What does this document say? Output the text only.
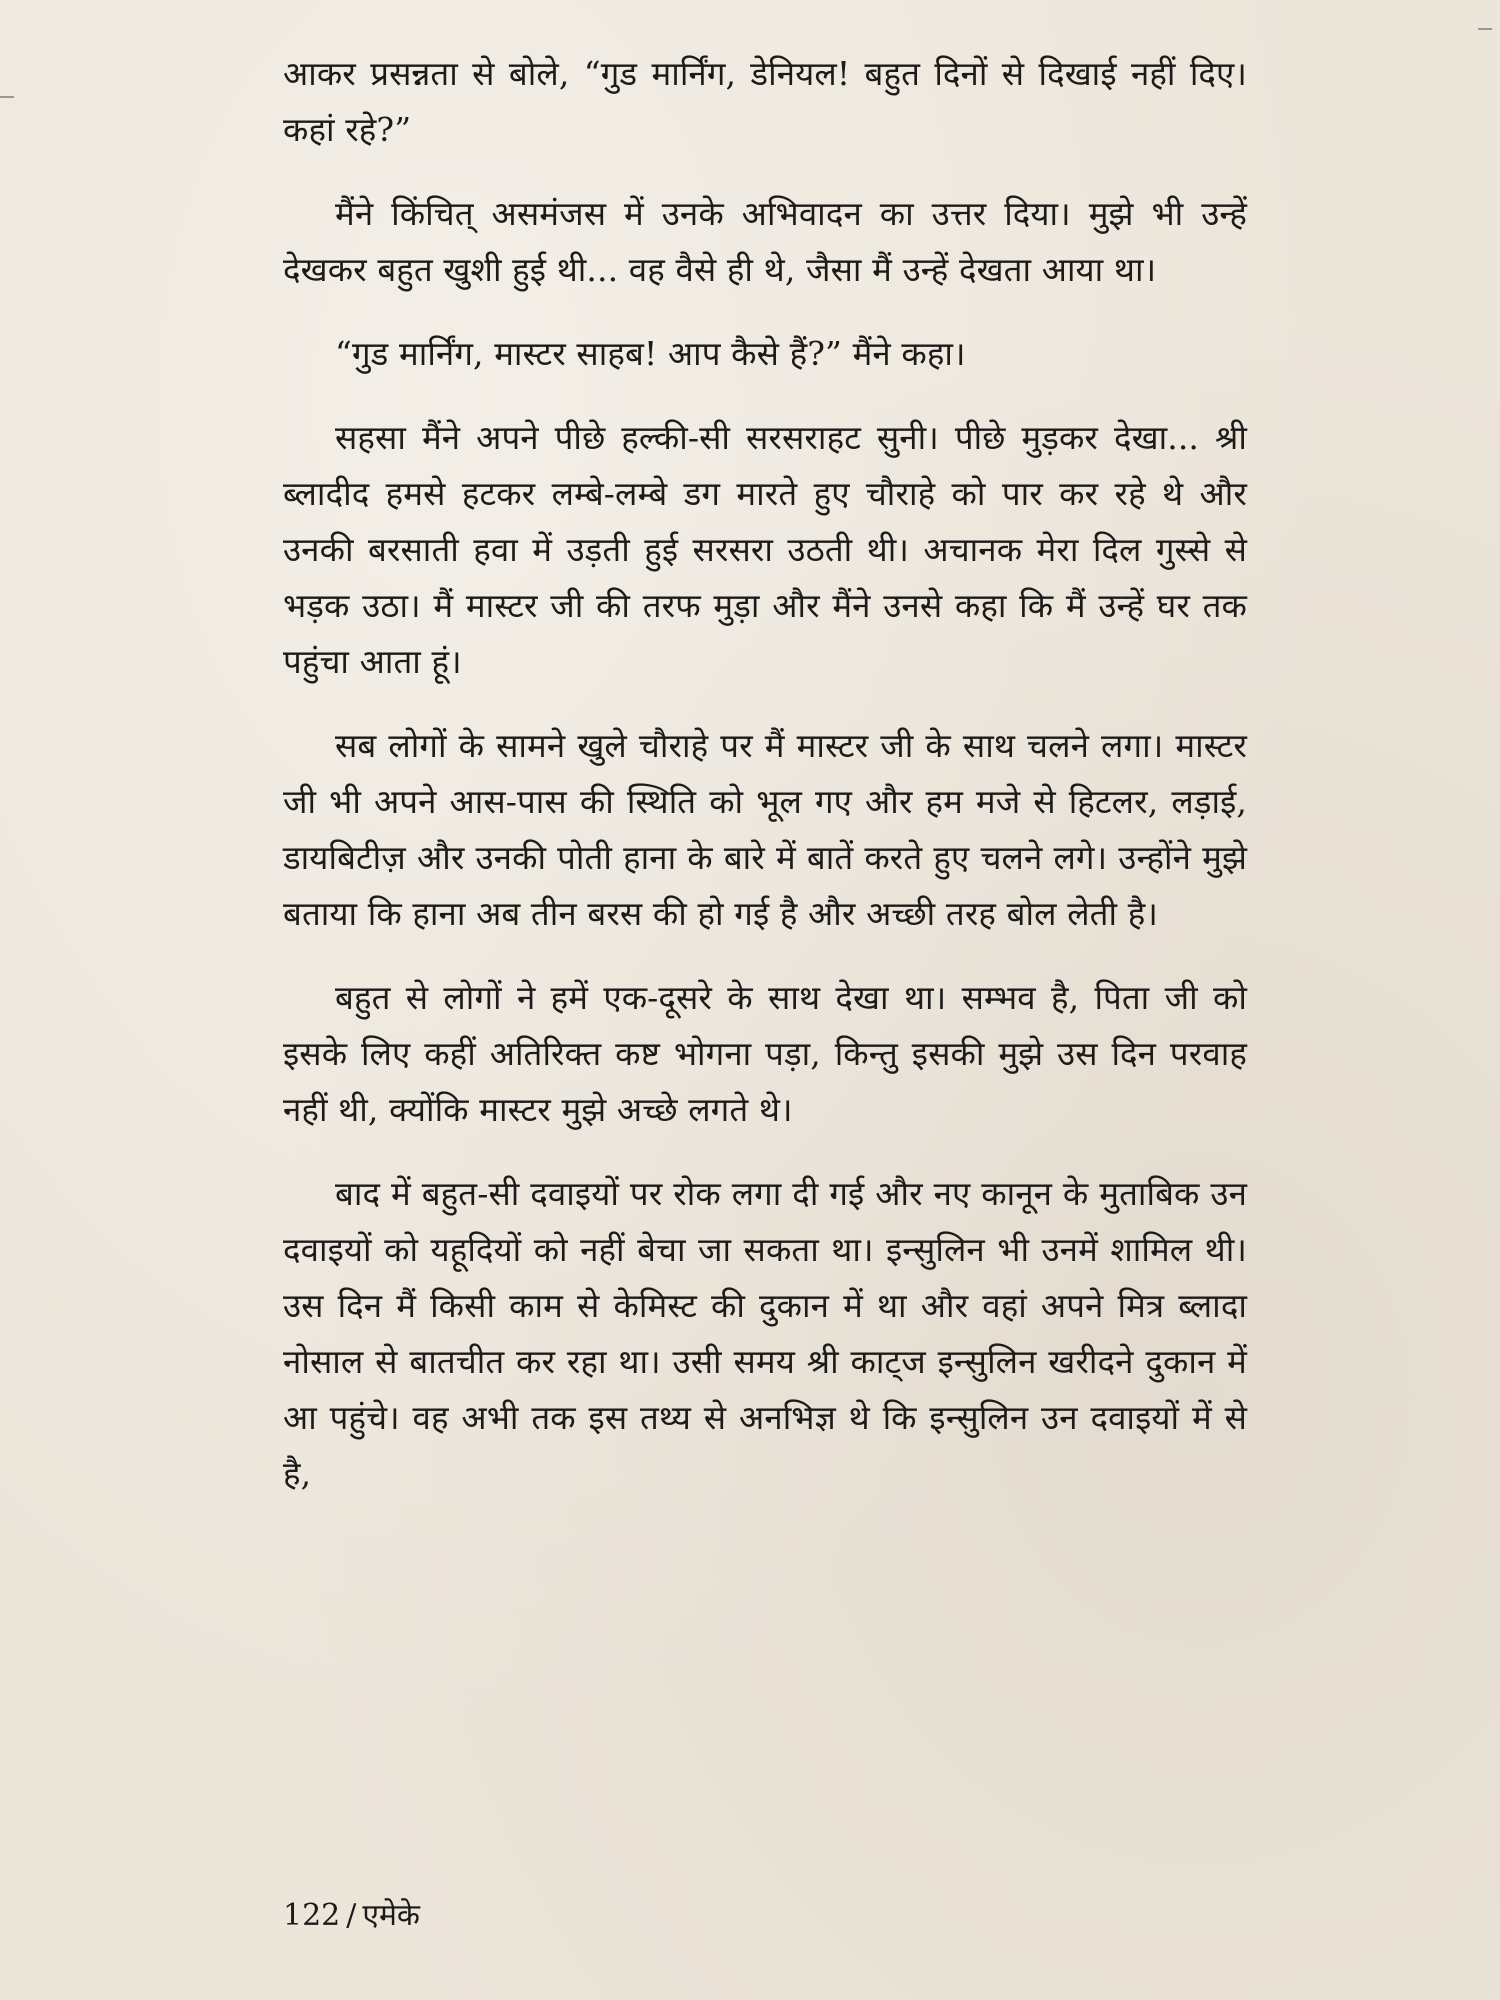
आकर प्रसन्नता से बोले, “गुड मार्निंग, डेनियल! बहुत दिनों से दिखाई नहीं दिए। कहां रहे?”

मैंने किंचित् असमंजस में उनके अभिवादन का उत्तर दिया। मुझे भी उन्हें देखकर बहुत खुशी हुई थी... वह वैसे ही थे, जैसा मैं उन्हें देखता आया था।

“गुड मार्निंग, मास्टर साहब! आप कैसे हैं?” मैंने कहा।

सहसा मैंने अपने पीछे हल्की-सी सरसराहट सुनी। पीछे मुड़कर देखा... श्री ब्लादीद हमसे हटकर लम्बे-लम्बे डग मारते हुए चौराहे को पार कर रहे थे और उनकी बरसाती हवा में उड़ती हुई सरसरा उठती थी। अचानक मेरा दिल गुस्से से भड़क उठा। मैं मास्टर जी की तरफ मुड़ा और मैंने उनसे कहा कि मैं उन्हें घर तक पहुंचा आता हूं।

सब लोगों के सामने खुले चौराहे पर मैं मास्टर जी के साथ चलने लगा। मास्टर जी भी अपने आस-पास की स्थिति को भूल गए और हम मजे से हिटलर, लड़ाई, डायबिटीज़ और उनकी पोती हाना के बारे में बातें करते हुए चलने लगे। उन्होंने मुझे बताया कि हाना अब तीन बरस की हो गई है और अच्छी तरह बोल लेती है।

बहुत से लोगों ने हमें एक-दूसरे के साथ देखा था। सम्भव है, पिता जी को इसके लिए कहीं अतिरिक्त कष्ट भोगना पड़ा, किन्तु इसकी मुझे उस दिन परवाह नहीं थी, क्योंकि मास्टर मुझे अच्छे लगते थे।

बाद में बहुत-सी दवाइयों पर रोक लगा दी गई और नए कानून के मुताबिक उन दवाइयों को यहूदियों को नहीं बेचा जा सकता था। इन्सुलिन भी उनमें शामिल थी। उस दिन मैं किसी काम से केमिस्ट की दुकान में था और वहां अपने मित्र ब्लादा नोसाल से बातचीत कर रहा था। उसी समय श्री काट्ज इन्सुलिन खरीदने दुकान में आ पहुंचे। वह अभी तक इस तथ्य से अनभिज्ञ थे कि इन्सुलिन उन दवाइयों में से है,

122 / एमेके
